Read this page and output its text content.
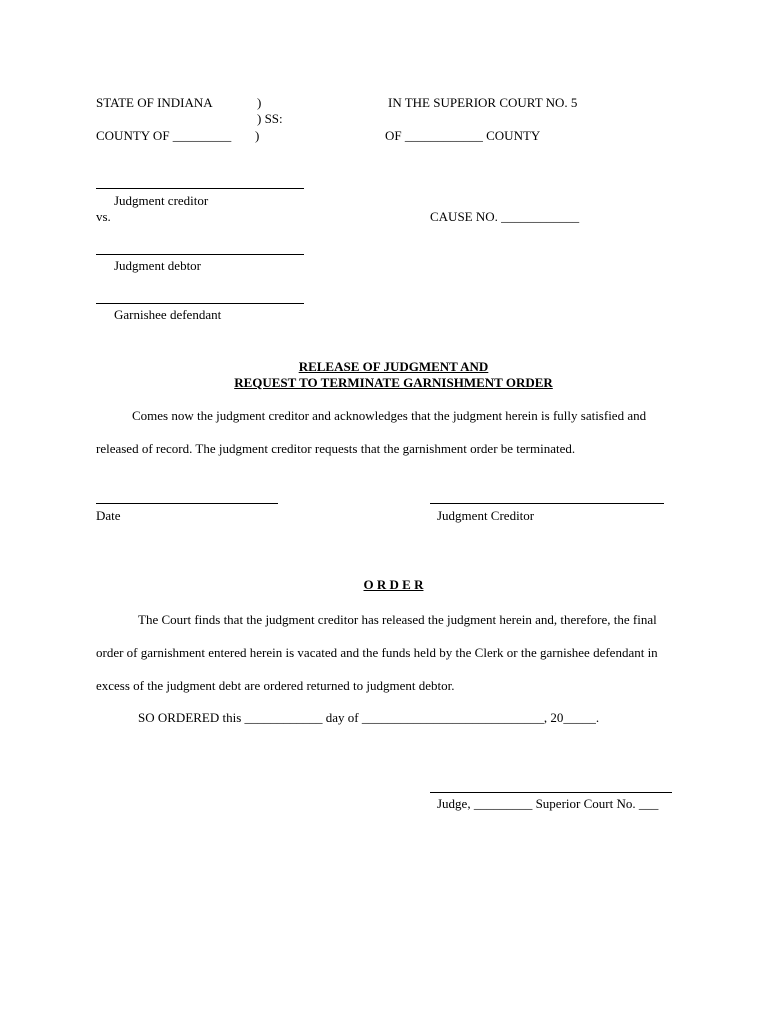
STATE OF INDIANA	)
) SS:
COUNTY OF _________ )
IN THE SUPERIOR COURT NO. 5
OF ____________ COUNTY
Judgment creditor
vs.	CAUSE NO. ____________
Judgment debtor
Garnishee defendant
RELEASE OF JUDGMENT AND
REQUEST TO TERMINATE GARNISHMENT ORDER
Comes now the judgment creditor and acknowledges that the judgment herein is fully satisfied and
released of record. The judgment creditor requests that the garnishment order be terminated.
Date	Judgment Creditor
O R D E R
The Court finds that the judgment creditor has released the judgment herein and, therefore, the final
order of garnishment entered herein is vacated and the funds held by the Clerk or the garnishee defendant in
excess of the judgment debt are ordered returned to judgment debtor.
SO ORDERED this ____________ day of ____________________________, 20_____.
Judge, _________ Superior Court No. ___
